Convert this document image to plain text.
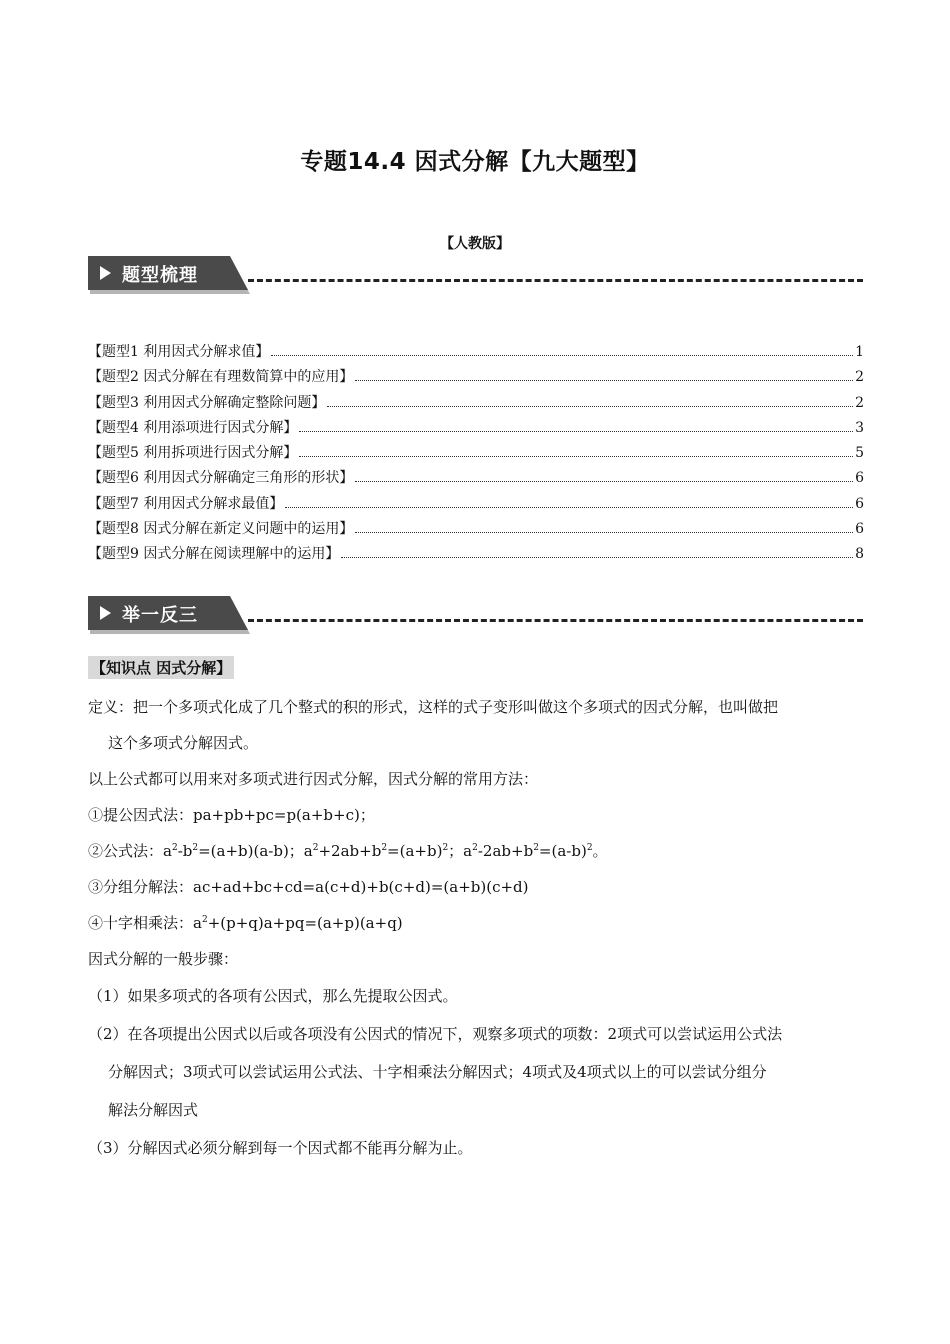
专题14.4 因式分解【九大题型】
【人教版】
题型梳理
【题型1 利用因式分解求值】	1
【题型2 因式分解在有理数简算中的应用】	2
【题型3 利用因式分解确定整除问题】	2
【题型4 利用添项进行因式分解】	3
【题型5 利用拆项进行因式分解】	5
【题型6 利用因式分解确定三角形的形状】	6
【题型7 利用因式分解求最值】	6
【题型8 因式分解在新定义问题中的运用】	6
【题型9 因式分解在阅读理解中的运用】	8
举一反三
【知识点 因式分解】

定义：把一个多项式化成了几个整式的积的形式，这样的式子变形叫做这个多项式的因式分解，也叫做把

这个多项式分解因式。

以上公式都可以用来对多项式进行因式分解，因式分解的常用方法：

①提公因式法：pa+pb+pc=p(a+b+c)；

②公式法：$a^2-b^2=(a+b)(a-b)$；$a^2+2ab+b^2=(a+b)^2$；$a^2-2ab+b^2=(a-b)^2$。

③分组分解法：ac+ad+bc+cd=a(c+d)+b(c+d)=(a+b)(c+d)

④十字相乘法：$a^2+(p+q)a+pq=(a+p)(a+q)$

因式分解的一般步骤：

（1）如果多项式的各项有公因式，那么先提取公因式。

（2）在各项提出公因式以后或各项没有公因式的情况下，观察多项式的项数：2项式可以尝试运用公式法

分解因式；3项式可以尝试运用公式法、十字相乘法分解因式；4项式及4项式以上的可以尝试分组分

解法分解因式

（3）分解因式必须分解到每一个因式都不能再分解为止。
